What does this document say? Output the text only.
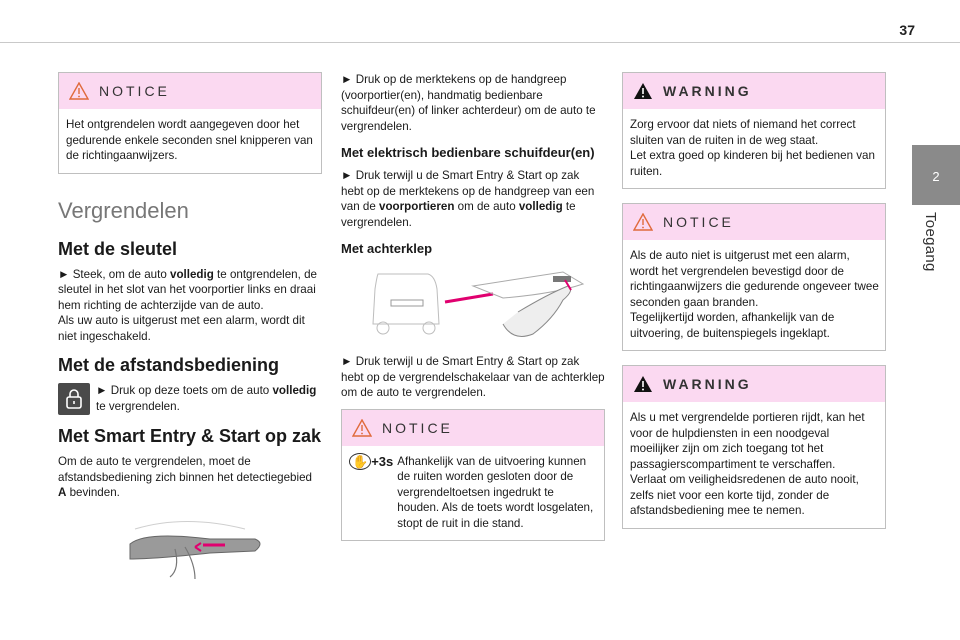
37
2
Toegang
NOTICE

Het ontgrendelen wordt aangegeven door het gedurende enkele seconden snel knipperen van de richtingaanwijzers.

Vergrendelen
Met de sleutel

► Steek, om de auto volledig te ontgrendelen, de sleutel in het slot van het voorportier links en draai hem richting de achterzijde van de auto.

Als uw auto is uitgerust met een alarm, wordt dit niet ingeschakeld.

Met de afstandsbediening

► Druk op deze toets om de auto volledig te vergrendelen.

Met Smart Entry & Start op zak

Om de auto te vergrendelen, moet de afstandsbediening zich binnen het detectiegebied A bevinden.

► Druk op de merktekens op de handgreep (voorportier(en), handmatig bedienbare schuifdeur(en) of linker achterdeur) om de auto te vergrendelen.

Met elektrisch bedienbare schuifdeur(en)

► Druk terwijl u de Smart Entry & Start op zak hebt op de merktekens op de handgreep van een van de voorportieren om de auto volledig te vergrendelen.

Met achterklep

► Druk terwijl u de Smart Entry & Start op zak hebt op de vergrendelschakelaar van de achterklep om de auto te vergrendelen.

NOTICE
✋ +3s Afhankelijk van de uitvoering kunnen de ruiten worden gesloten door de vergrendeltoetsen ingedrukt te houden. Als de toets wordt losgelaten, stopt de ruit in die stand.

WARNING

Zorg ervoor dat niets of niemand het correct sluiten van de ruiten in de weg staat.

Let extra goed op kinderen bij het bedienen van ruiten.

NOTICE

Als de auto niet is uitgerust met een alarm, wordt het vergrendelen bevestigd door de richtingaanwijzers die gedurende ongeveer twee seconden gaan branden.

Tegelijkertijd worden, afhankelijk van de uitvoering, de buitenspiegels ingeklapt.

WARNING

Als u met vergrendelde portieren rijdt, kan het voor de hulpdiensten in een noodgeval moeilijker zijn om zich toegang tot het passagierscompartiment te verschaffen.

Verlaat om veiligheidsredenen de auto nooit, zelfs niet voor een korte tijd, zonder de afstandsbediening mee te nemen.
